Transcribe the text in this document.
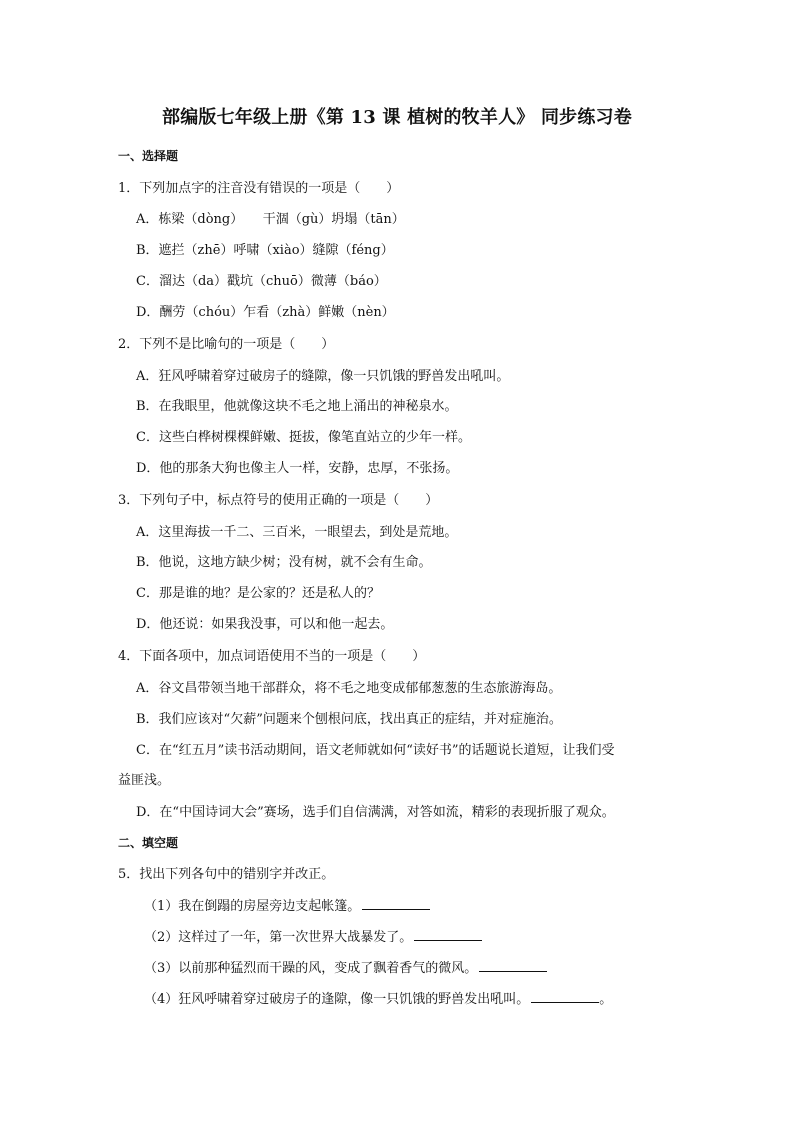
部编版七年级上册《第 13 课 植树的牧羊人》 同步练习卷
一、选择题
1．下列加点字的注音没有错误的一项是（　　）
A．栋梁（dòng）　　干涸（gù）坍塌（tān）
B．遮拦（zhē）呼啸（xiào）缝隙（féng）
C．溜达（da）戳坑（chuō）微薄（báo）
D．酬劳（chóu）乍看（zhà）鲜嫩（nèn）
2．下列不是比喻句的一项是（　　）
A．狂风呼啸着穿过破房子的缝隙，像一只饥饿的野兽发出吼叫。
B．在我眼里，他就像这块不毛之地上涌出的神秘泉水。
C．这些白桦树棵棵鲜嫩、挺拔，像笔直站立的少年一样。
D．他的那条大狗也像主人一样，安静，忠厚，不张扬。
3．下列句子中，标点符号的使用正确的一项是（　　）
A．这里海拔一千二、三百米，一眼望去，到处是荒地。
B．他说，这地方缺少树；没有树，就不会有生命。
C．那是谁的地？是公家的？还是私人的？
D．他还说：如果我没事，可以和他一起去。
4．下面各项中，加点词语使用不当的一项是（　　）
A．谷文昌带领当地干部群众，将不毛之地变成郁郁葱葱的生态旅游海岛。
B．我们应该对“欠薪”问题来个刨根问底，找出真正的症结，并对症施治。
C．在“红五月”读书活动期间，语文老师就如何“读好书”的话题说长道短，让我们受
益匪浅。
D．在“中国诗词大会”赛场，选手们自信满满，对答如流，精彩的表现折服了观众。
二、填空题
5．找出下列各句中的错别字并改正。
（1）我在倒蹋的房屋旁边支起帐篷。
（2）这样过了一年，第一次世界大战暴发了。
（3）以前那种猛烈而干躁的风，变成了飘着香气的微风。
（4）狂风呼啸着穿过破房子的逢隙，像一只饥饿的野兽发出吼叫。	。
